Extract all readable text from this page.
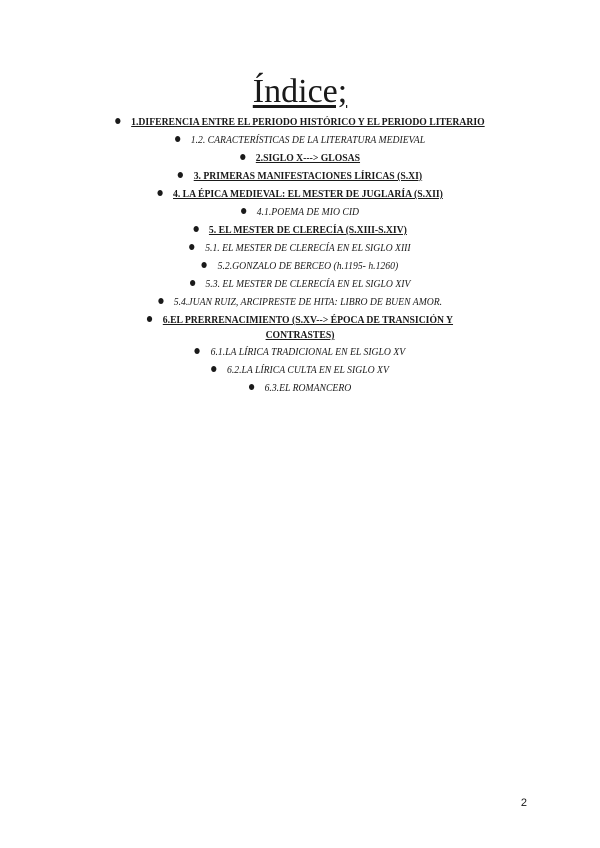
Índice;
1.DIFERENCIA ENTRE EL PERIODO HISTÓRICO Y EL PERIODO LITERARIO
1.2. CARACTERÍSTICAS DE LA LITERATURA MEDIEVAL
2.SIGLO X---> GLOSAS
3. PRIMERAS MANIFESTACIONES LÍRICAS (S.XI)
4. LA ÉPICA MEDIEVAL: EL MESTER DE JUGLARÍA (S.XII)
4.1.POEMA DE MIO CID
5. EL MESTER DE CLERECÍA (S.XIII-S.XIV)
5.1. EL MESTER DE CLERECÍA EN EL SIGLO XIII
5.2.GONZALO DE BERCEO (h.1195- h.1260)
5.3. EL MESTER DE CLERECÍA EN EL SIGLO XIV
5.4.JUAN RUIZ, ARCIPRESTE DE HITA: LIBRO DE BUEN AMOR.
6.EL PRERRENACIMIENTO (S.XV--> ÉPOCA DE TRANSICIÓN Y CONTRASTES)
6.1.LA LÍRICA TRADICIONAL EN EL SIGLO XV
6.2.LA LÍRICA CULTA EN EL SIGLO XV
6.3.EL ROMANCERO
2
